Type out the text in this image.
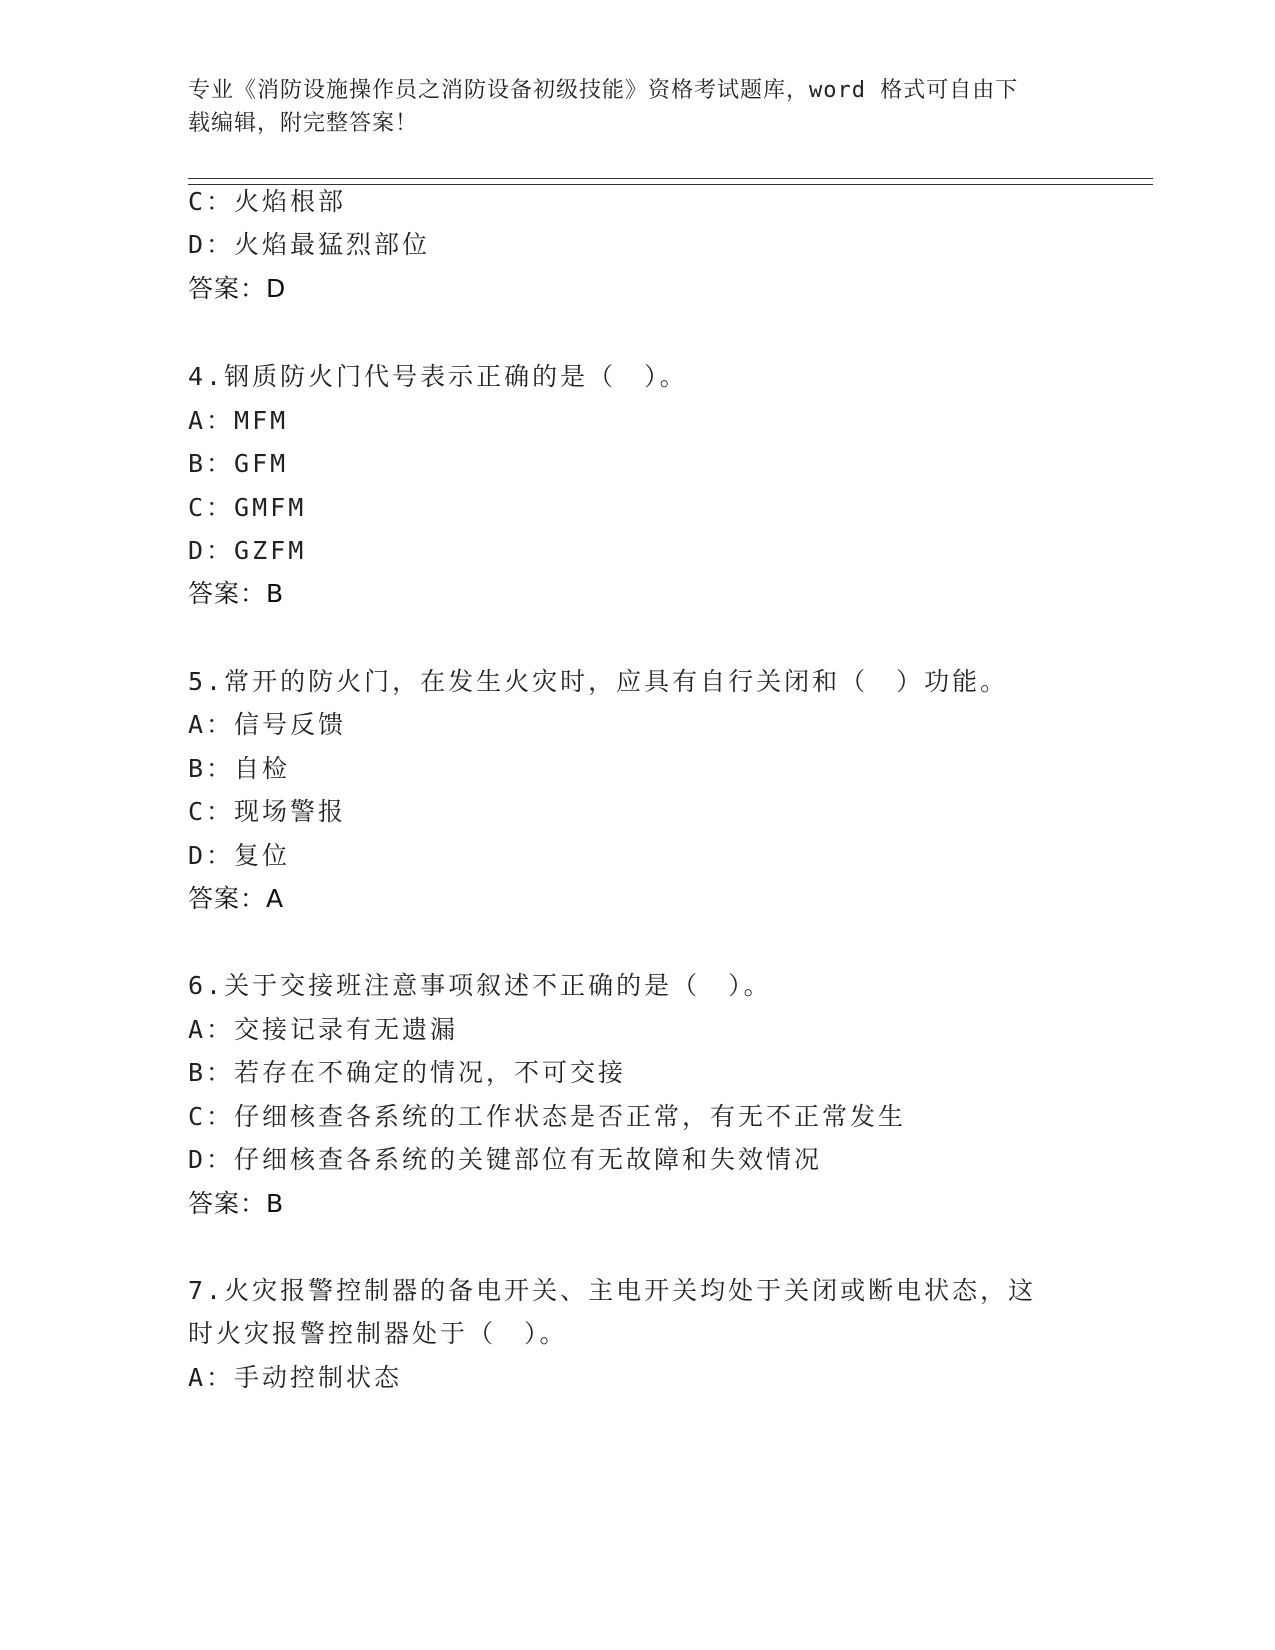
专业《消防设施操作员之消防设备初级技能》资格考试题库，word 格式可自由下
载编辑，附完整答案！
C：火焰根部
D：火焰最猛烈部位
答案：D
4.钢质防火门代号表示正确的是（　）。
A：MFM
B：GFM
C：GMFM
D：GZFM
答案：B
5.常开的防火门，在发生火灾时，应具有自行关闭和（　）功能。
A：信号反馈
B：自检
C：现场警报
D：复位
答案：A
6.关于交接班注意事项叙述不正确的是（　）。
A：交接记录有无遗漏
B：若存在不确定的情况，不可交接
C：仔细核查各系统的工作状态是否正常，有无不正常发生
D：仔细核查各系统的关键部位有无故障和失效情况
答案：B
7.火灾报警控制器的备电开关、主电开关均处于关闭或断电状态，这
时火灾报警控制器处于（　）。
A：手动控制状态
